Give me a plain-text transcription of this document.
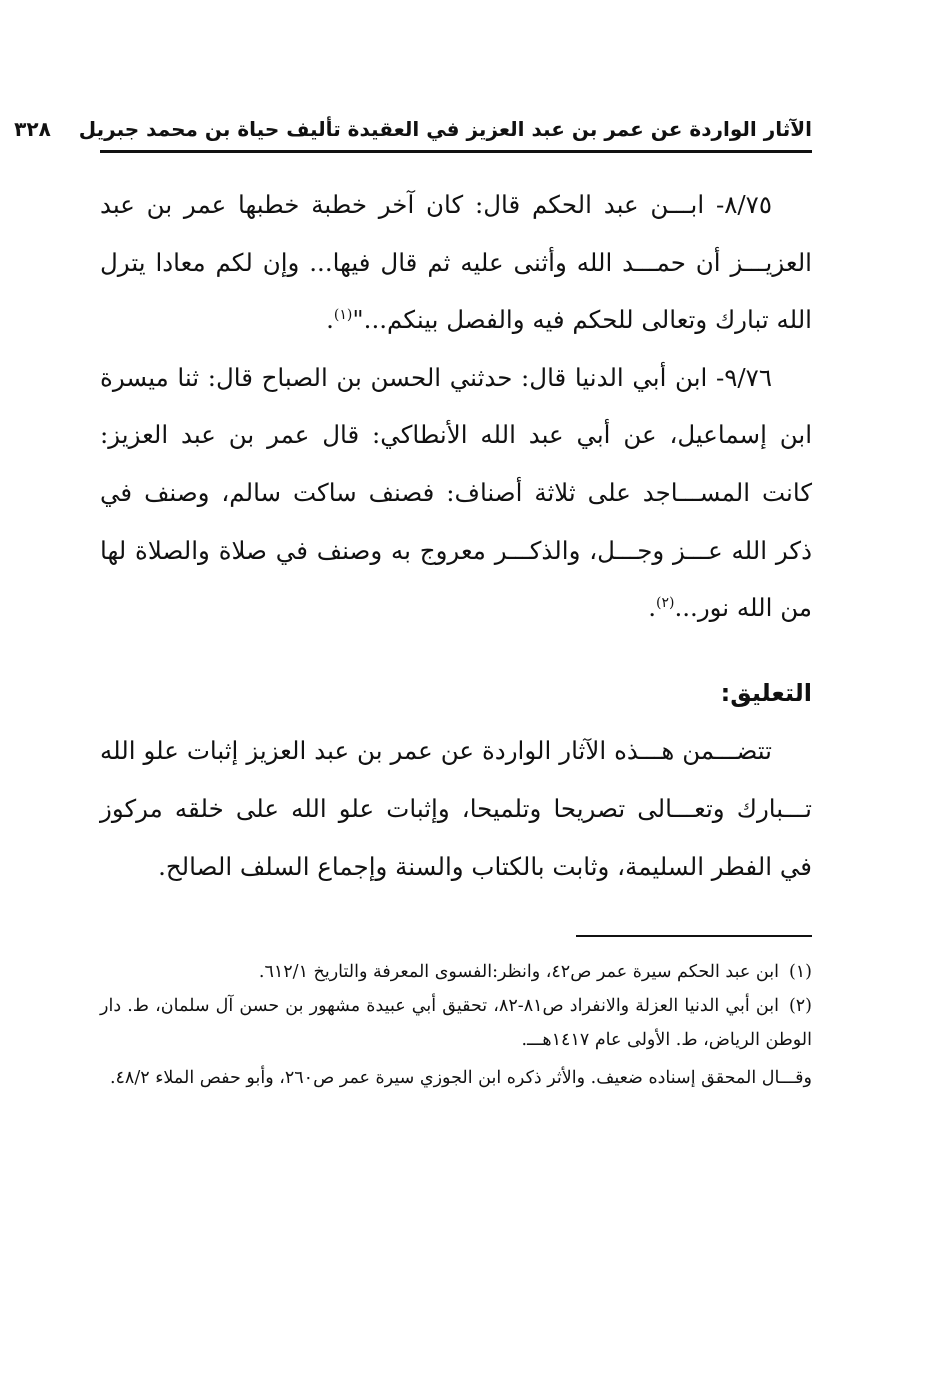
الآثار الواردة عن عمر بن عبد العزيز في العقيدة تأليف حياة بن محمد جبريل
٣٢٨

٨/٧٥- ابـــن عبد الحكم قال: كان آخر خطبة خطبها عمر بن عبد العزيـــز أن حمـــد الله وأثنى عليه ثم قال فيها... وإن لكم معادا يترل الله تبارك وتعالى للحكم فيه والفصل بينكم..."$^{(١)}$.

٩/٧٦- ابن أبي الدنيا قال: حدثني الحسن بن الصباح قال: ثنا ميسرة ابن إسماعيل، عن أبي عبد الله الأنطاكي: قال عمر بن عبد العزيز: كانت المســـاجد على ثلاثة أصناف: فصنف ساكت سالم، وصنف في ذكر الله عـــز وجـــل، والذكـــر معروج به وصنف في صلاة والصلاة لها من الله نور...$^{(٢)}$.

التعليق:

تتضـــمن هـــذه الآثار الواردة عن عمر بن عبد العزيز إثبات علو الله تـــبارك وتعـــالى تصريحا وتلميحا، وإثبات علو الله على خلقه مركوز في الفطر السليمة، وثابت بالكتاب والسنة وإجماع السلف الصالح.

(١)ابن عبد الحكم سيرة عمر ص٤٢، وانظر:الفسوى المعرفة والتاريخ ٦١٢/١.

(٢)ابن أبي الدنيا العزلة والانفراد ص٨١-٨٢، تحقيق أبي عبيدة مشهور بن حسن آل سلمان، ط. دار الوطن الرياض، ط. الأولى عام ١٤١٧هـــ.

وقـــال المحقق إسناده ضعيف. والأثر ذكره ابن الجوزي سيرة عمر ص٢٦٠، وأبو حفص الملاء ٤٨/٢.
